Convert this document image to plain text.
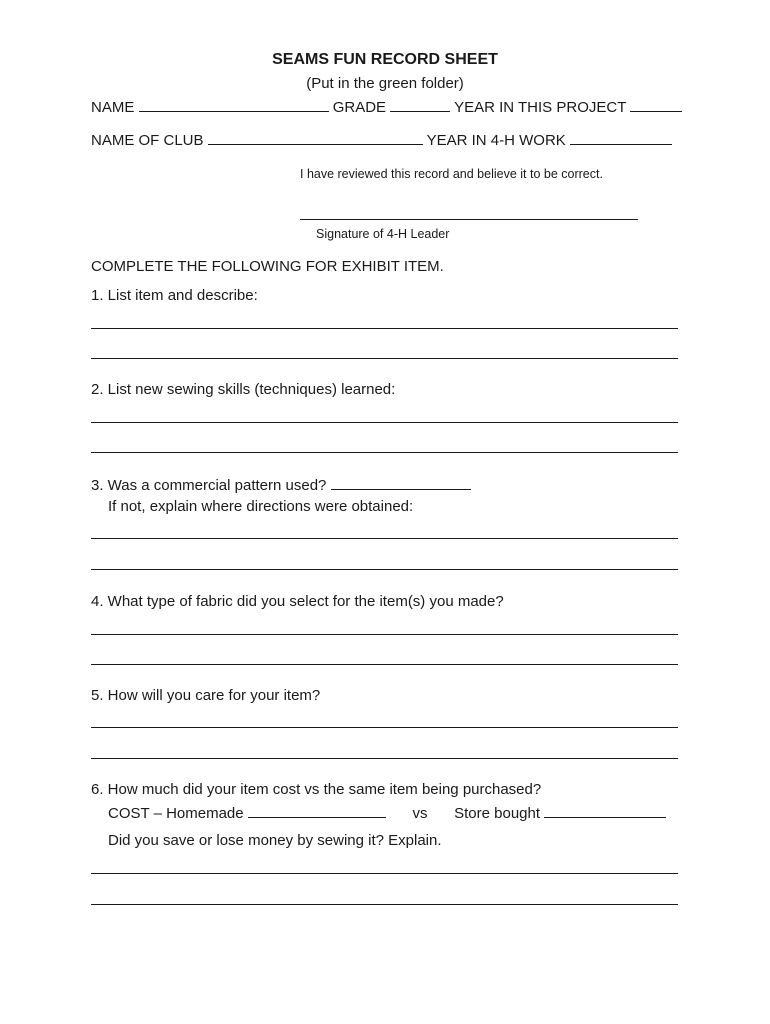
SEAMS FUN RECORD SHEET
(Put in the green folder)
NAME	GRADE	YEAR IN THIS PROJECT
NAME OF CLUB	YEAR IN 4-H WORK
I have reviewed this record and believe it to be correct.
Signature of 4-H Leader
COMPLETE THE FOLLOWING FOR EXHIBIT ITEM.
1. List item and describe:
2. List new sewing skills (techniques) learned:
3. Was a commercial pattern used?
If not, explain where directions were obtained:
4. What type of fabric did you select for the item(s) you made?
5. How will you care for your item?
6. How much did your item cost vs the same item being purchased?
COST – Homemade	vs Store bought
Did you save or lose money by sewing it? Explain.
